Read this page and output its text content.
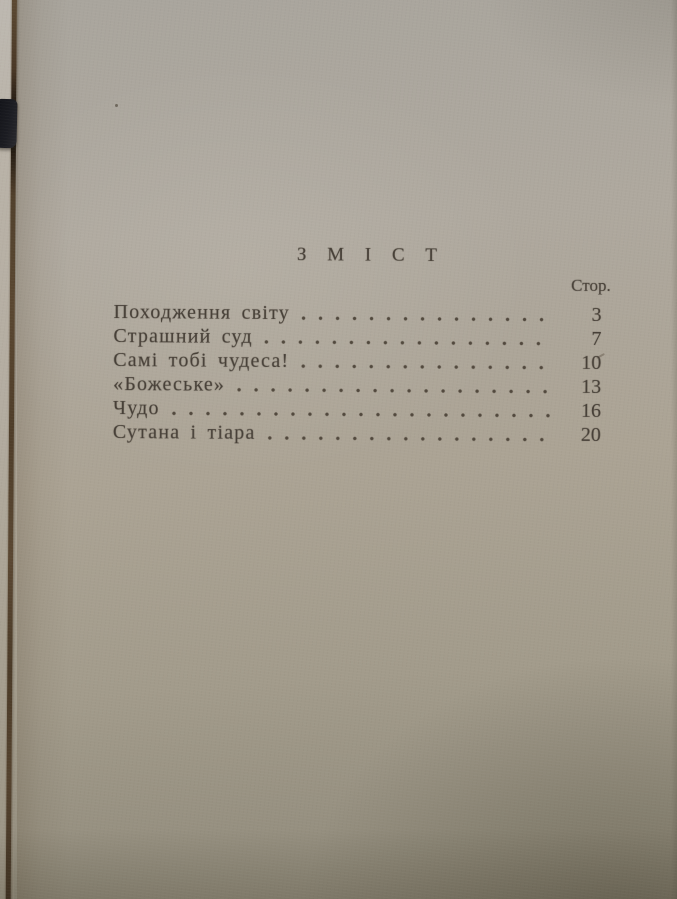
З М І С Т
Стор.
Походження світу	3
Страшний суд	7
Самі тобі чудеса!	10
«Божеське»	13
Чудо	16
Сутана і тіара	20
